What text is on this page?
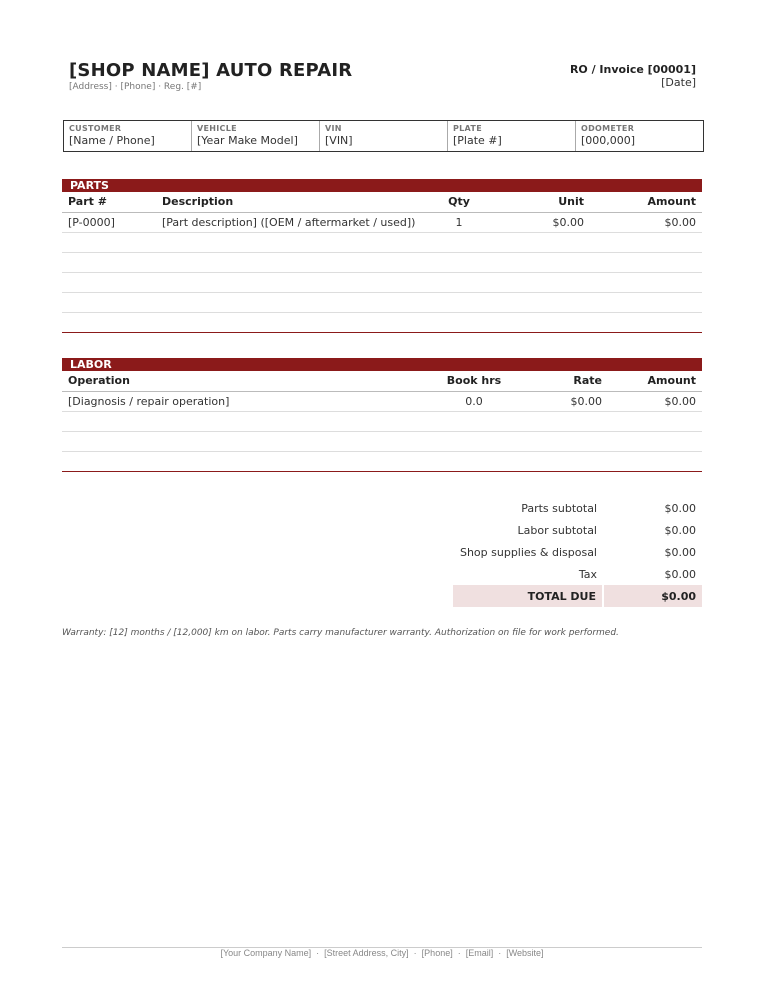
[SHOP NAME] AUTO REPAIR
[Address] · [Phone] · Reg. [#]
RO / Invoice [00001]
[Date]
CUSTOMER
[Name / Phone]
VEHICLE
[Year Make Model]
VIN
[VIN]
PLATE
[Plate #]
ODOMETER
[000,000]
PARTS
Part #	Description	Qty	Unit	Amount
[P-0000]	[Part description] ([OEM / aftermarket / used])	1	$0.00	$0.00

LABOR
Operation	Book hrs	Rate	Amount
[Diagnosis / repair operation]	0.0	$0.00	$0.00

Parts subtotal	$0.00
Labor subtotal	$0.00
Shop supplies & disposal	$0.00
Tax	$0.00
TOTAL DUE	$0.00
Warranty: [12] months / [12,000] km on labor. Parts carry manufacturer warranty. Authorization on file for work performed.
[Your Company Name]  ·  [Street Address, City]  ·  [Phone]  ·  [Email]  ·  [Website]
